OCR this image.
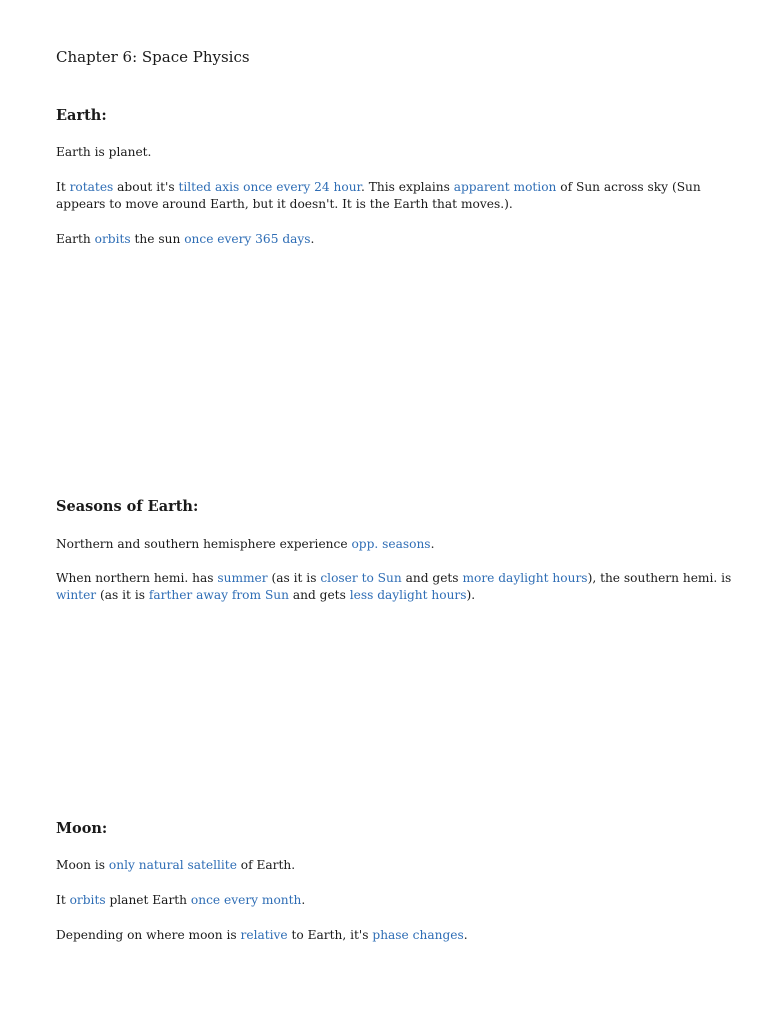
Chapter 6: Space Physics
Earth:

Earth is planet.

It rotates about it's tilted axis once every 24 hour. This explains apparent motion of Sun across sky (Sun appears to move around Earth, but it doesn't. It is the Earth that moves.).

Earth orbits the sun once every 365 days.

Seasons of Earth:

Northern and southern hemisphere experience opp. seasons.

When northern hemi. has summer (as it is closer to Sun and gets more daylight hours), the southern hemi. is winter (as it is farther away from Sun and gets less daylight hours).

Moon:

Moon is only natural satellite of Earth.

It orbits planet Earth once every month.

Depending on where moon is relative to Earth, it's phase changes.
